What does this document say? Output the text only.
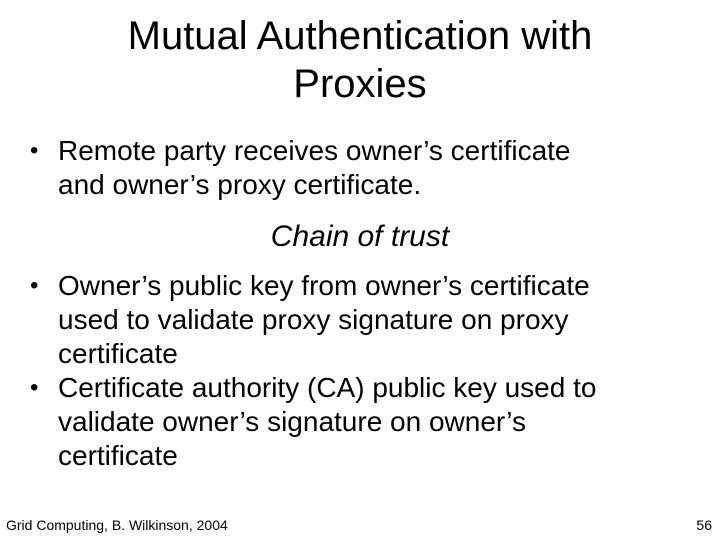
Mutual Authentication with
Proxies
• Remote party receives owner’s certificate
and owner’s proxy certificate.

Chain of trust

• Owner’s public key from owner’s certificate
used to validate proxy signature on proxy
certificate
• Certificate authority (CA) public key used to
validate owner’s signature on owner’s
certificate
Grid Computing, B. Wilkinson, 2004	56
